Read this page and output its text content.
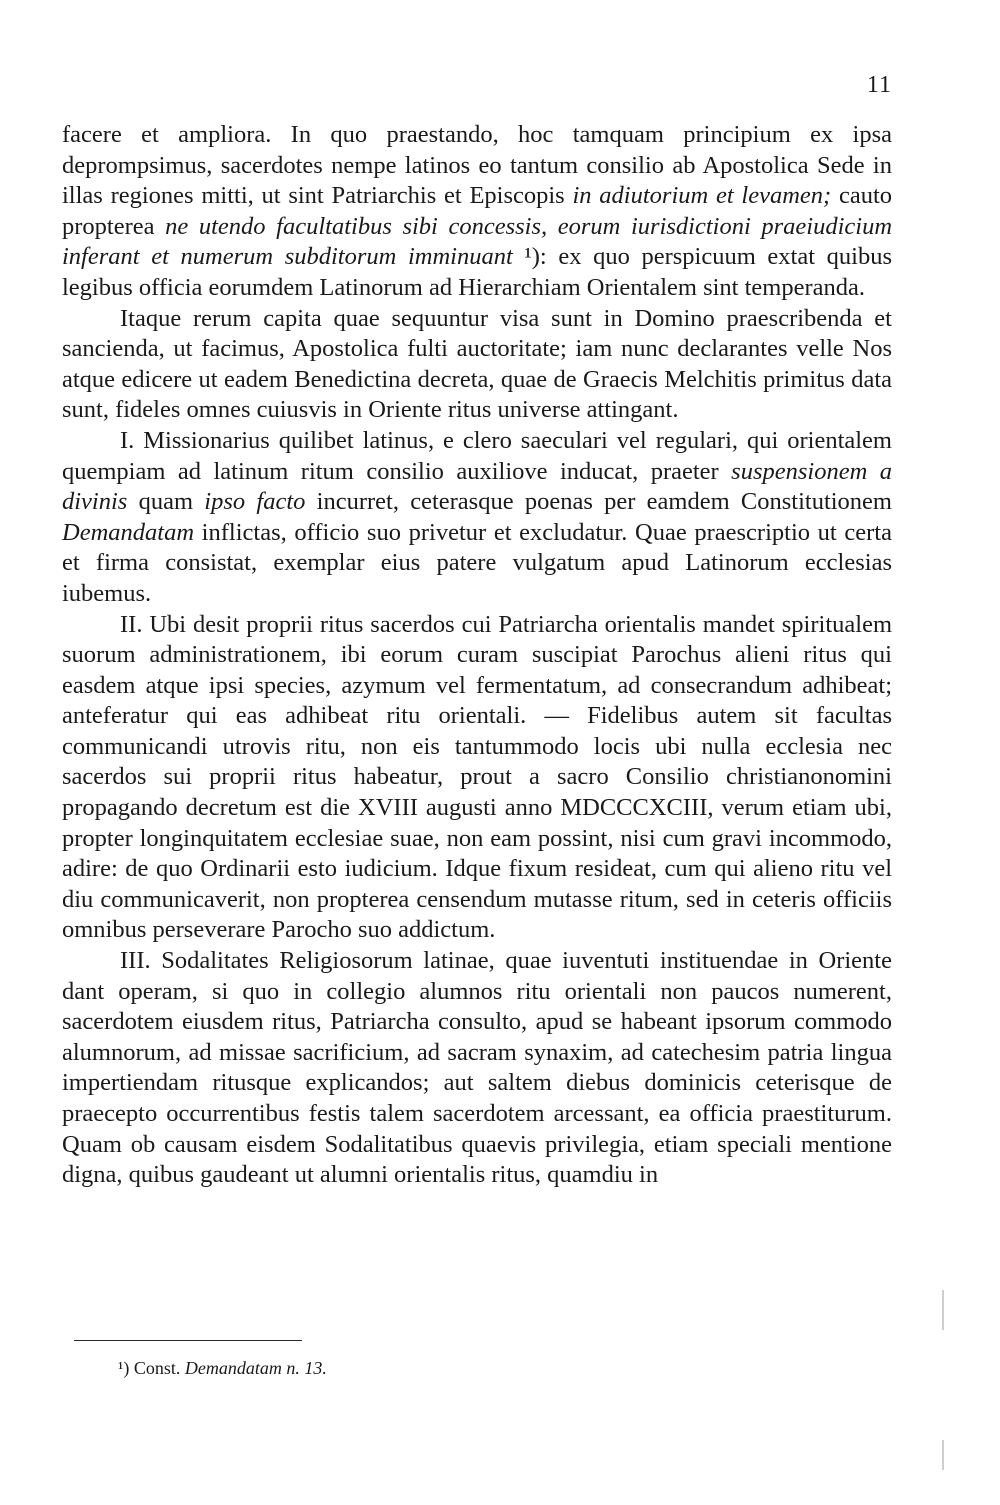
11

facere et ampliora. In quo praestando, hoc tamquam principium ex ipsa deprompsimus, sacerdotes nempe latinos eo tantum consilio ab Apostolica Sede in illas regiones mitti, ut sint Patriarchis et Episcopis in adiutorium et levamen; cauto propterea ne utendo facultatibus sibi concessis, eorum iurisdictioni praeiudicium inferant et numerum subditorum imminuant ¹): ex quo perspicuum extat quibus legibus officia eorumdem Latinorum ad Hierarchiam Orientalem sint temperanda.

Itaque rerum capita quae sequuntur visa sunt in Domino praescribenda et sancienda, ut facimus, Apostolica fulti auctoritate; iam nunc declarantes velle Nos atque edicere ut eadem Benedictina decreta, quae de Graecis Melchitis primitus data sunt, fideles omnes cuiusvis in Oriente ritus universe attingant.

I. Missionarius quilibet latinus, e clero saeculari vel regulari, qui orientalem quempiam ad latinum ritum consilio auxiliove inducat, praeter suspensionem a divinis quam ipso facto incurret, ceterasque poenas per eamdem Constitutionem Demandatam inflictas, officio suo privetur et excludatur. Quae praescriptio ut certa et firma consistat, exemplar eius patere vulgatum apud Latinorum ecclesias iubemus.

II. Ubi desit proprii ritus sacerdos cui Patriarcha orientalis mandet spiritualem suorum administrationem, ibi eorum curam suscipiat Parochus alieni ritus qui easdem atque ipsi species, azymum vel fermentatum, ad consecrandum adhibeat; anteferatur qui eas adhibeat ritu orientali. — Fidelibus autem sit facultas communicandi utrovis ritu, non eis tantummodo locis ubi nulla ecclesia nec sacerdos sui proprii ritus habeatur, prout a sacro Consilio christianonomini propagando decretum est die XVIII augusti anno MDCCCXCIII, verum etiam ubi, propter longinquitatem ecclesiae suae, non eam possint, nisi cum gravi incommodo, adire: de quo Ordinarii esto iudicium. Idque fixum resideat, cum qui alieno ritu vel diu communicaverit, non propterea censendum mutasse ritum, sed in ceteris officiis omnibus perseverare Parocho suo addictum.

III. Sodalitates Religiosorum latinae, quae iuventuti instituendae in Oriente dant operam, si quo in collegio alumnos ritu orientali non paucos numerent, sacerdotem eiusdem ritus, Patriarcha consulto, apud se habeant ipsorum commodo alumnorum, ad missae sacrificium, ad sacram synaxim, ad catechesim patria lingua impertiendam ritusque explicandos; aut saltem diebus dominicis ceterisque de praecepto occurrentibus festis talem sacerdotem arcessant, ea officia praestiturum. Quam ob causam eisdem Sodalitatibus quaevis privilegia, etiam speciali mentione digna, quibus gaudeant ut alumni orientalis ritus, quamdiu in

¹) Const. Demandatam n. 13.
